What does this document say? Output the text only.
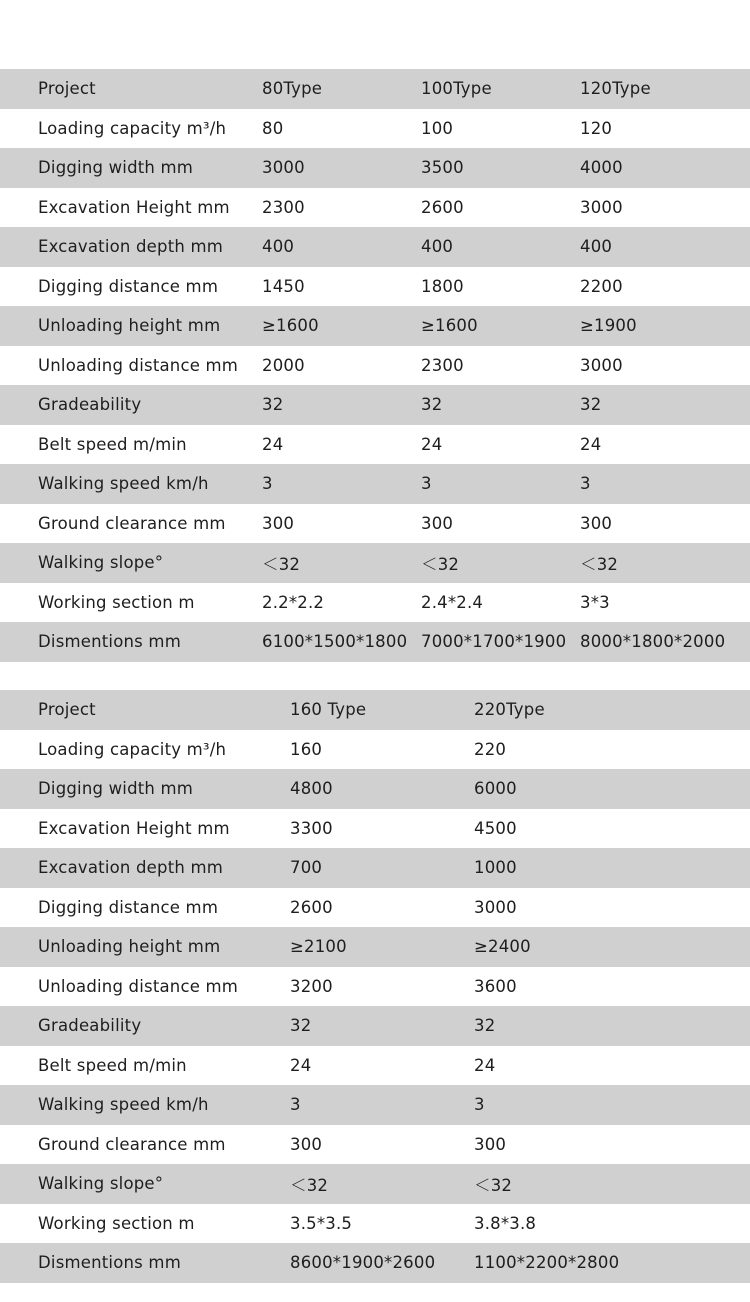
Project	80Type	100Type	120Type
Loading capacity m³/h	80	100	120
Digging width mm	3000	3500	4000
Excavation Height mm	2300	2600	3000
Excavation depth mm	400	400	400
Digging distance mm	1450	1800	2200
Unloading height mm	≥1600	≥1600	≥1900
Unloading distance mm	2000	2300	3000
Gradeability	32	32	32
Belt speed m/min	24	24	24
Walking speed km/h	3	3	3
Ground clearance mm	300	300	300
Walking slope°	＜32	＜32	＜32
Working section m	2.2*2.2	2.4*2.4	3*3
Dismentions mm	6100*1500*1800	7000*1700*1900	8000*1800*2000
Project	160 Type	220Type
Loading capacity m³/h	160	220
Digging width mm	4800	6000
Excavation Height mm	3300	4500
Excavation depth mm	700	1000
Digging distance mm	2600	3000
Unloading height mm	≥2100	≥2400
Unloading distance mm	3200	3600
Gradeability	32	32
Belt speed m/min	24	24
Walking speed km/h	3	3
Ground clearance mm	300	300
Walking slope°	＜32	＜32
Working section m	3.5*3.5	3.8*3.8
Dismentions mm	8600*1900*2600	1100*2200*2800
